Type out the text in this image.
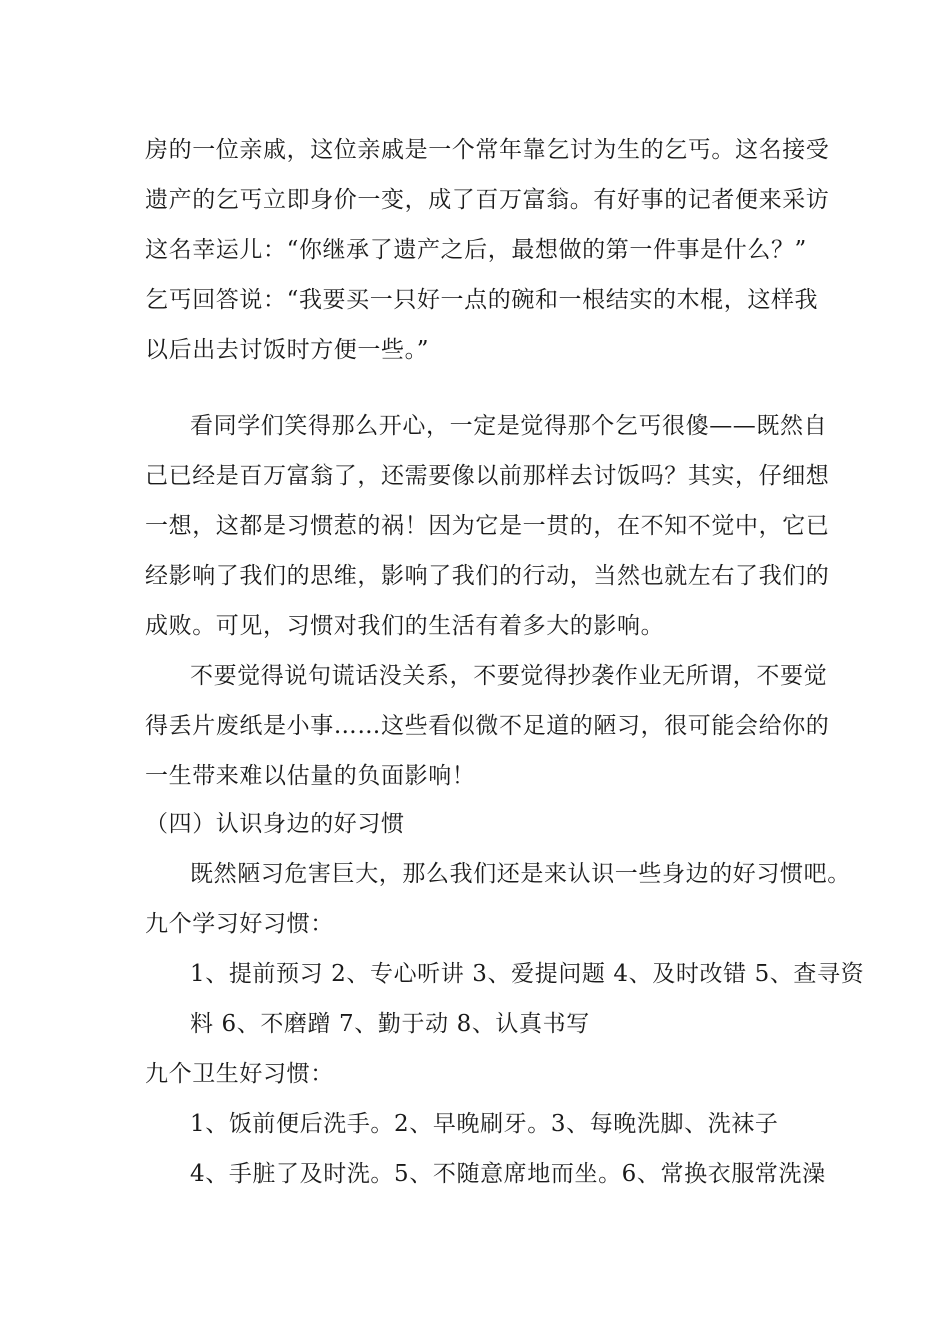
房的一位亲戚，这位亲戚是一个常年靠乞讨为生的乞丐。这名接受
遗产的乞丐立即身价一变，成了百万富翁。有好事的记者便来采访
这名幸运儿：“你继承了遗产之后，最想做的第一件事是什么？”
乞丐回答说：“我要买一只好一点的碗和一根结实的木棍，这样我
以后出去讨饭时方便一些。”
看同学们笑得那么开心，一定是觉得那个乞丐很傻——既然自
己已经是百万富翁了，还需要像以前那样去讨饭吗？其实，仔细想
一想，这都是习惯惹的祸！因为它是一贯的，在不知不觉中，它已
经影响了我们的思维，影响了我们的行动，当然也就左右了我们的
成败。可见，习惯对我们的生活有着多大的影响。
不要觉得说句谎话没关系，不要觉得抄袭作业无所谓，不要觉
得丢片废纸是小事……这些看似微不足道的陋习，很可能会给你的
一生带来难以估量的负面影响！
（四）认识身边的好习惯
既然陋习危害巨大，那么我们还是来认识一些身边的好习惯吧。
九个学习好习惯：
1、提前预习 2、专心听讲 3、爱提问题 4、及时改错 5、查寻资
料 6、不磨蹭 7、勤于动 8、认真书写
九个卫生好习惯：
1、饭前便后洗手。2、早晚刷牙。3、每晚洗脚、洗袜子
4、手脏了及时洗。5、不随意席地而坐。6、常换衣服常洗澡
